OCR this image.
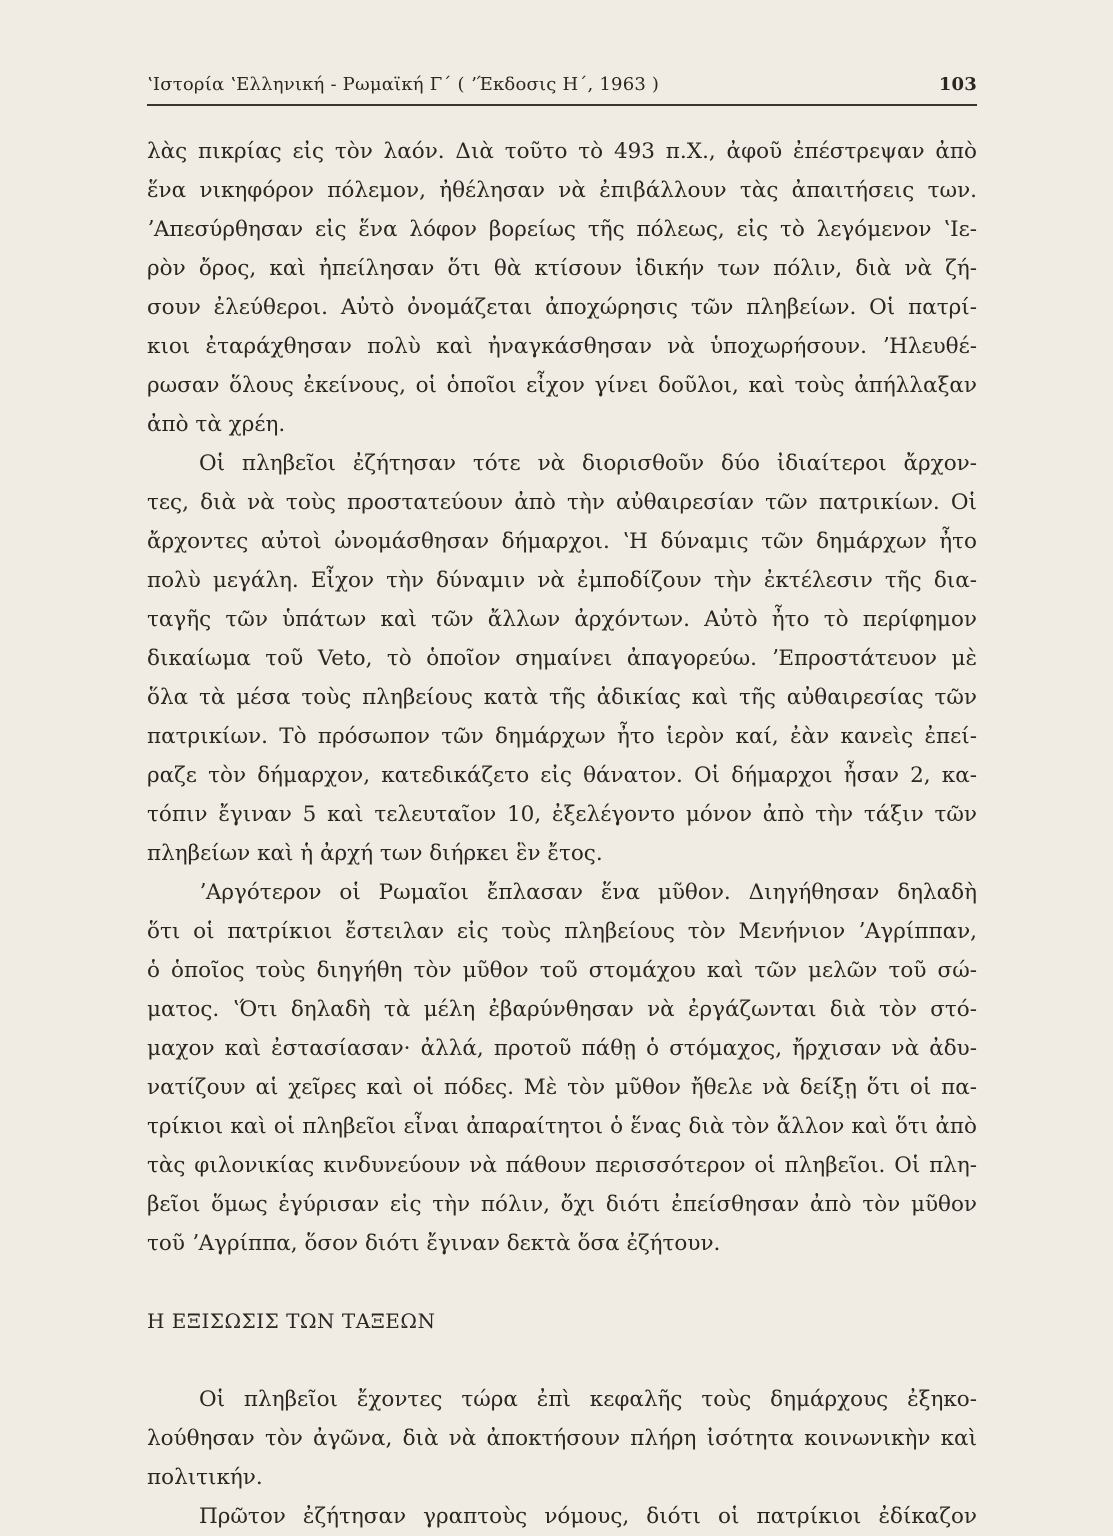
ʽΙστορία ʽΕλληνική - Ρωμαϊκή Γ΄ ( ʼΈκδοσις Η΄, 1963 )	103
λὰς πικρίας εἰς τὸν λαόν. Διὰ τοῦτο τὸ 493 π.Χ., ἀφοῦ ἐπέστρεψαν ἀπὸ
ἕνα νικηφόρον πόλεμον, ἠθέλησαν νὰ ἐπιβάλλουν τὰς ἀπαιτήσεις των.
ʼΑπεσύρθησαν εἰς ἕνα λόφον βορείως τῆς πόλεως, εἰς τὸ λεγόμενον ʽΙε-
ρὸν ὄρος, καὶ ἠπείλησαν ὅτι θὰ κτίσουν ἰδικήν των πόλιν, διὰ νὰ ζή-
σουν ἐλεύθεροι. Αὐτὸ ὀνομάζεται ἀποχώρησις τῶν πληβείων. Οἱ πατρί-
κιοι ἐταράχθησαν πολὺ καὶ ἠναγκάσθησαν νὰ ὑποχωρήσουν. ʼΗλευθέ-
ρωσαν ὅλους ἐκείνους, οἱ ὁποῖοι εἶχον γίνει δοῦλοι, καὶ τοὺς ἀπήλλαξαν
ἀπὸ τὰ χρέη.
Οἱ πληβεῖοι ἐζήτησαν τότε νὰ διορισθοῦν δύο ἰδιαίτεροι ἄρχον-
τες, διὰ νὰ τοὺς προστατεύουν ἀπὸ τὴν αὐθαιρεσίαν τῶν πατρικίων. Οἱ
ἄρχοντες αὐτοὶ ὠνομάσθησαν δήμαρχοι. ʽΗ δύναμις τῶν δημάρχων ἦτο
πολὺ μεγάλη. Εἶχον τὴν δύναμιν νὰ ἐμποδίζουν τὴν ἐκτέλεσιν τῆς δια-
ταγῆς τῶν ὑπάτων καὶ τῶν ἄλλων ἀρχόντων. Αὐτὸ ἦτο τὸ περίφημον
δικαίωμα τοῦ Veto, τὸ ὁποῖον σημαίνει ἀπαγορεύω. ʼΕπροστάτευον μὲ
ὅλα τὰ μέσα τοὺς πληβείους κατὰ τῆς ἀδικίας καὶ τῆς αὐθαιρεσίας τῶν
πατρικίων. Τὸ πρόσωπον τῶν δημάρχων ἦτο ἱερὸν καί, ἐὰν κανεὶς ἐπεί-
ραζε τὸν δήμαρχον, κατεδικάζετο εἰς θάνατον. Οἱ δήμαρχοι ἦσαν 2, κα-
τόπιν ἔγιναν 5 καὶ τελευταῖον 10, ἐξελέγοντο μόνον ἀπὸ τὴν τάξιν τῶν
πληβείων καὶ ἡ ἀρχή των διήρκει ἓν ἔτος.
ʼΑργότερον οἱ Ρωμαῖοι ἔπλασαν ἕνα μῦθον. Διηγήθησαν δηλαδὴ
ὅτι οἱ πατρίκιοι ἔστειλαν εἰς τοὺς πληβείους τὸν Μενήνιον ʼΑγρίππαν,
ὁ ὁποῖος τοὺς διηγήθη τὸν μῦθον τοῦ στομάχου καὶ τῶν μελῶν τοῦ σώ-
ματος. ʽΌτι δηλαδὴ τὰ μέλη ἐβαρύνθησαν νὰ ἐργάζωνται διὰ τὸν στό-
μαχον καὶ ἐστασίασαν· ἀλλά, προτοῦ πάθῃ ὁ στόμαχος, ἤρχισαν νὰ ἀδυ-
νατίζουν αἱ χεῖρες καὶ οἱ πόδες. Μὲ τὸν μῦθον ἤθελε νὰ δείξῃ ὅτι οἱ πα-
τρίκιοι καὶ οἱ πληβεῖοι εἶναι ἀπαραίτητοι ὁ ἕνας διὰ τὸν ἄλλον καὶ ὅτι ἀπὸ
τὰς φιλονικίας κινδυνεύουν νὰ πάθουν περισσότερον οἱ πληβεῖοι. Οἱ πλη-
βεῖοι ὅμως ἐγύρισαν εἰς τὴν πόλιν, ὄχι διότι ἐπείσθησαν ἀπὸ τὸν μῦθον
τοῦ ʼΑγρίππα, ὅσον διότι ἔγιναν δεκτὰ ὅσα ἐζήτουν.
Η ΕΞΙΣΩΣΙΣ ΤΩΝ ΤΑΞΕΩΝ
Οἱ πληβεῖοι ἔχοντες τώρα ἐπὶ κεφαλῆς τοὺς δημάρχους ἐξηκο-
λούθησαν τὸν ἀγῶνα, διὰ νὰ ἀποκτήσουν πλήρη ἰσότητα κοινωνικὴν καὶ
πολιτικήν.
Πρῶτον ἐζήτησαν γραπτοὺς νόμους, διότι οἱ πατρίκιοι ἐδίκαζον
